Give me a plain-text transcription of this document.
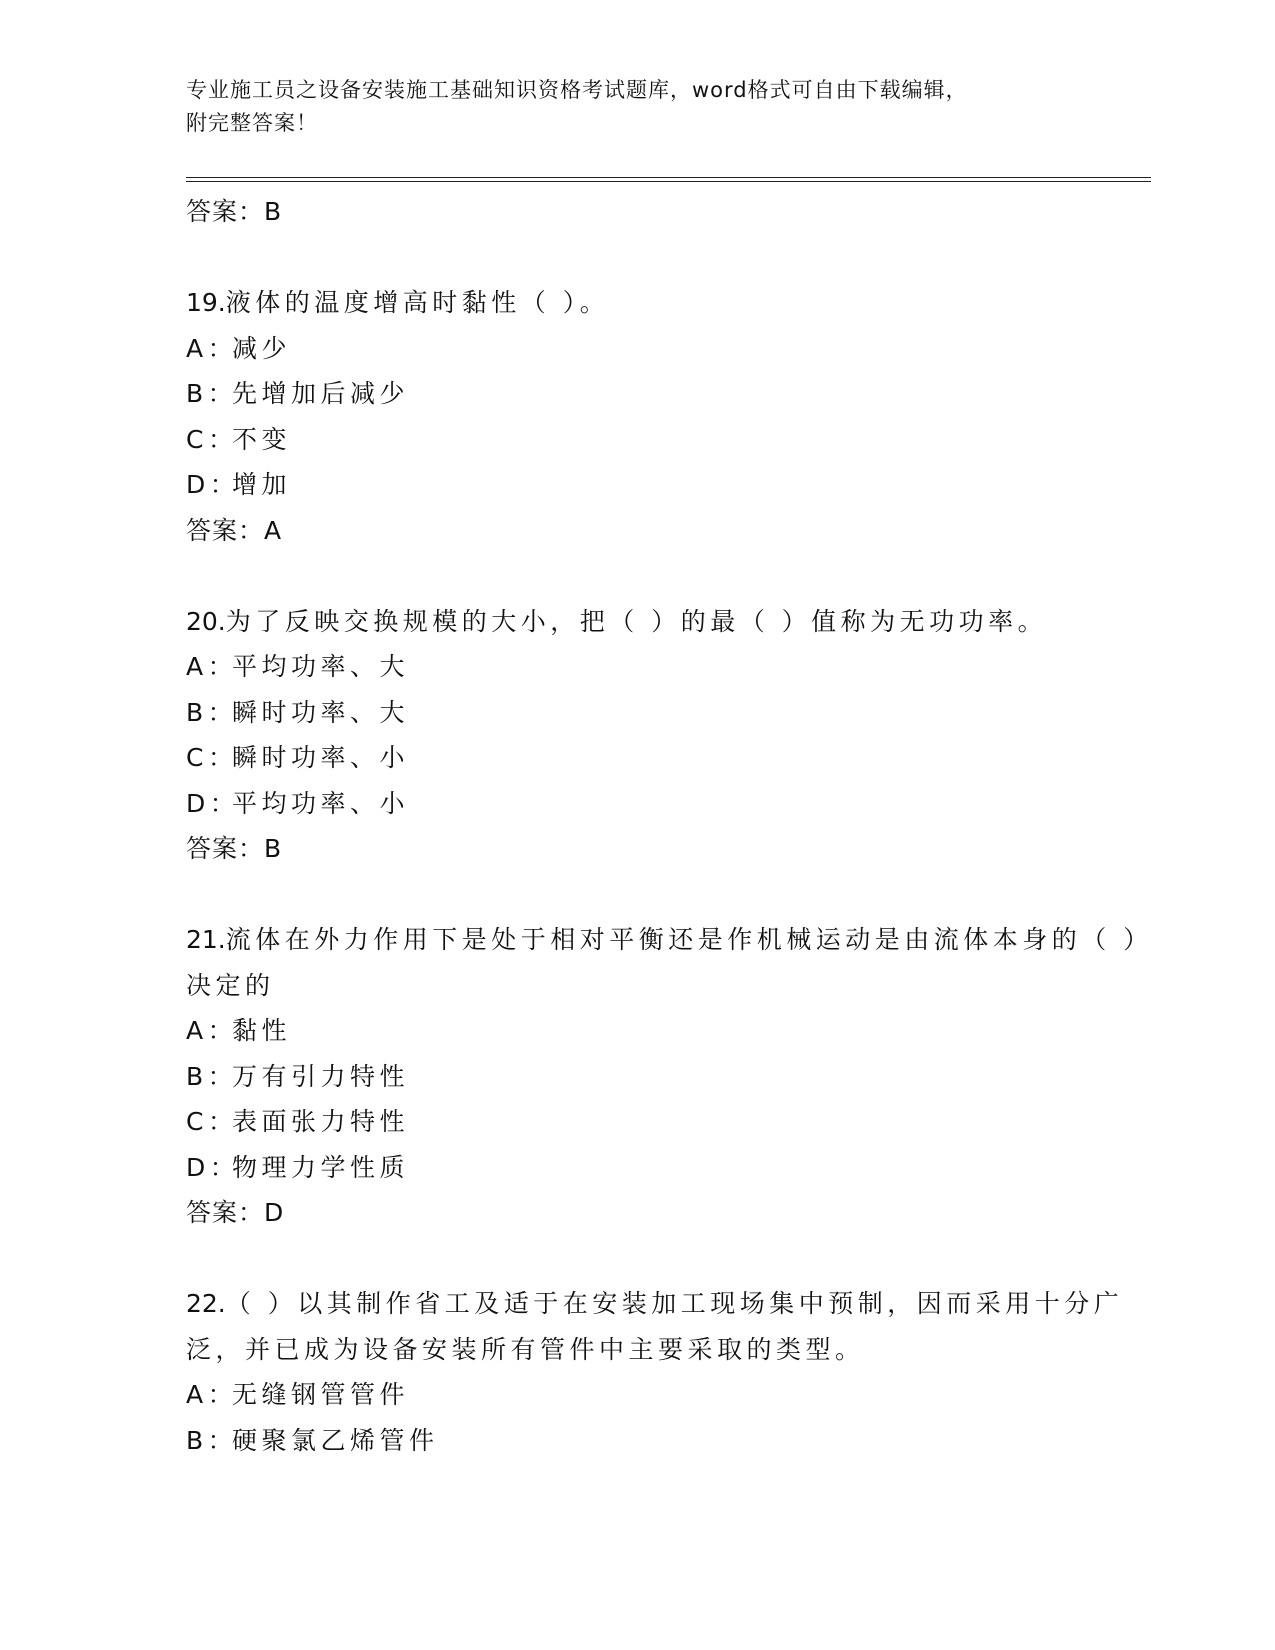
专业施工员之设备安装施工基础知识资格考试题库，word格式可自由下载编辑，
附完整答案！
答案：B
19.液体的温度增高时黏性（ ）。
A：减少
B：先增加后减少
C：不变
D：增加
答案：A
20.为了反映交换规模的大小，把（ ）的最（ ）值称为无功功率。
A：平均功率、大
B：瞬时功率、大
C：瞬时功率、小
D：平均功率、小
答案：B
21.流体在外力作用下是处于相对平衡还是作机械运动是由流体本身的（ ）决定的
A：黏性
B：万有引力特性
C：表面张力特性
D：物理力学性质
答案：D
22.（ ）以其制作省工及适于在安装加工现场集中预制，因而采用十分广泛，并已成为设备安装所有管件中主要采取的类型。
A：无缝钢管管件
B：硬聚氯乙烯管件
